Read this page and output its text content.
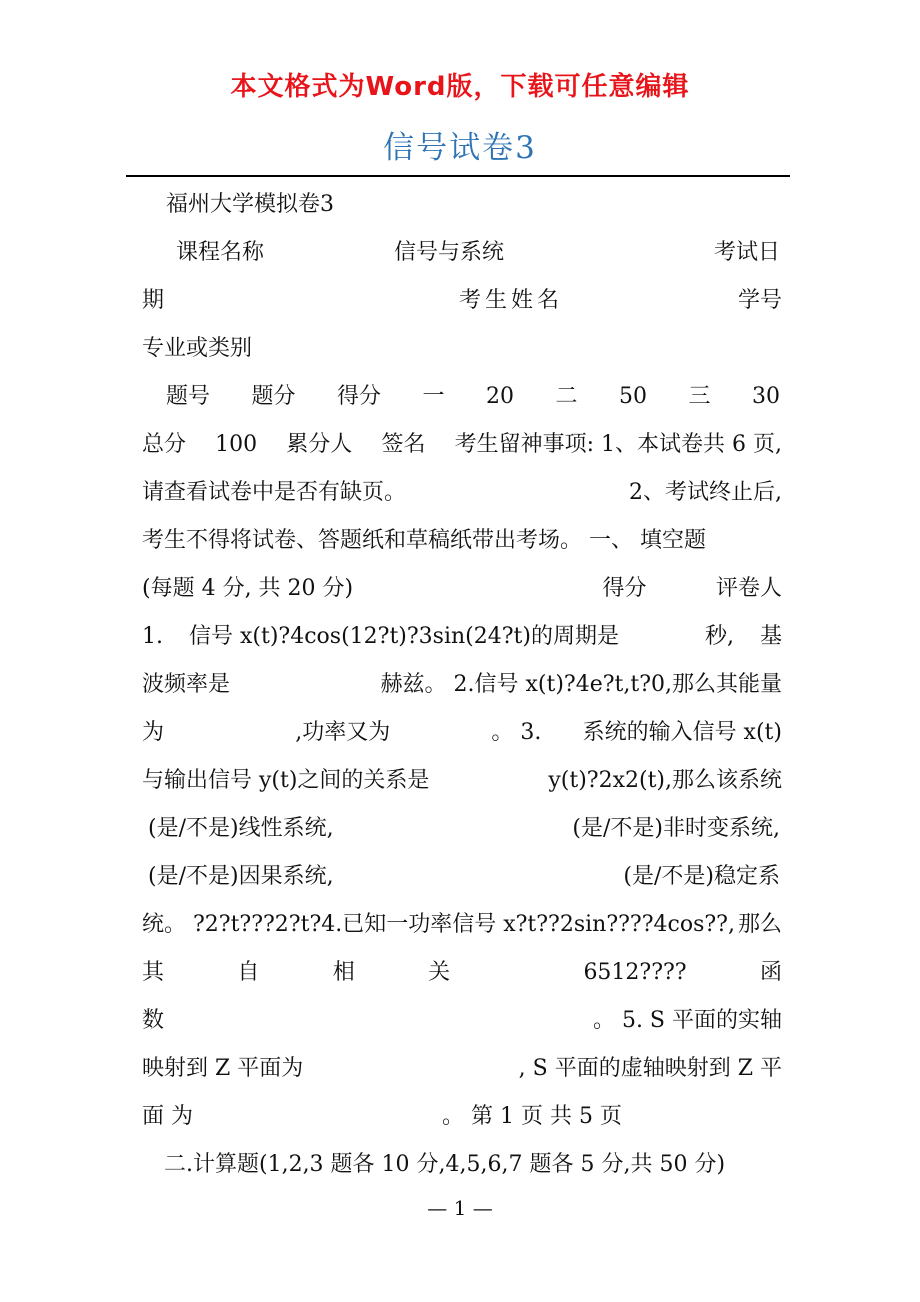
本文格式为Word版，下载可任意编辑
信号试卷3
福州大学模拟卷3
课程名称	信号与系统	考试日
期	考生姓名	学号
专业或类别
题号 题分 得分 一 20 二 50 三 30
总分 100 累分人 签名 考生留神事项: 1、本试卷共 6 页,
请查看试卷中是否有缺页。	2、考试终止后,
考生不得将试卷、答题纸和草稿纸带出考场。 一、 填空题
(每题 4 分, 共 20 分)	得分	评卷人
1. 信号 x(t)?4cos(12?t)?3sin(24?t)的周期是	秒, 基
波频率是	赫兹。 2.信号 x(t)?4e?t,t?0,那么其能量
为	,功率又为	。 3. 系统的输入信号 x(t)
与输出信号 y(t)之间的关系是	y(t)?2x2(t),那么该系统
(是/不是)线性系统,	(是/不是)非时变系统,
(是/不是)因果系统,	(是/不是)稳定系
统。 ?2?t???2?t?4.已知一功率信号 x?t??2sin????4cos??, 那么
其	自	相	关	6512????	函
数	。 5. S 平面的实轴
映射到 Z 平面为	, S 平面的虚轴映射到 Z 平
面 为	。 第 1 页 共 5 页
二.计算题(1,2,3 题各 10 分,4,5,6,7 题各 5 分,共 50 分)
— 1 —
